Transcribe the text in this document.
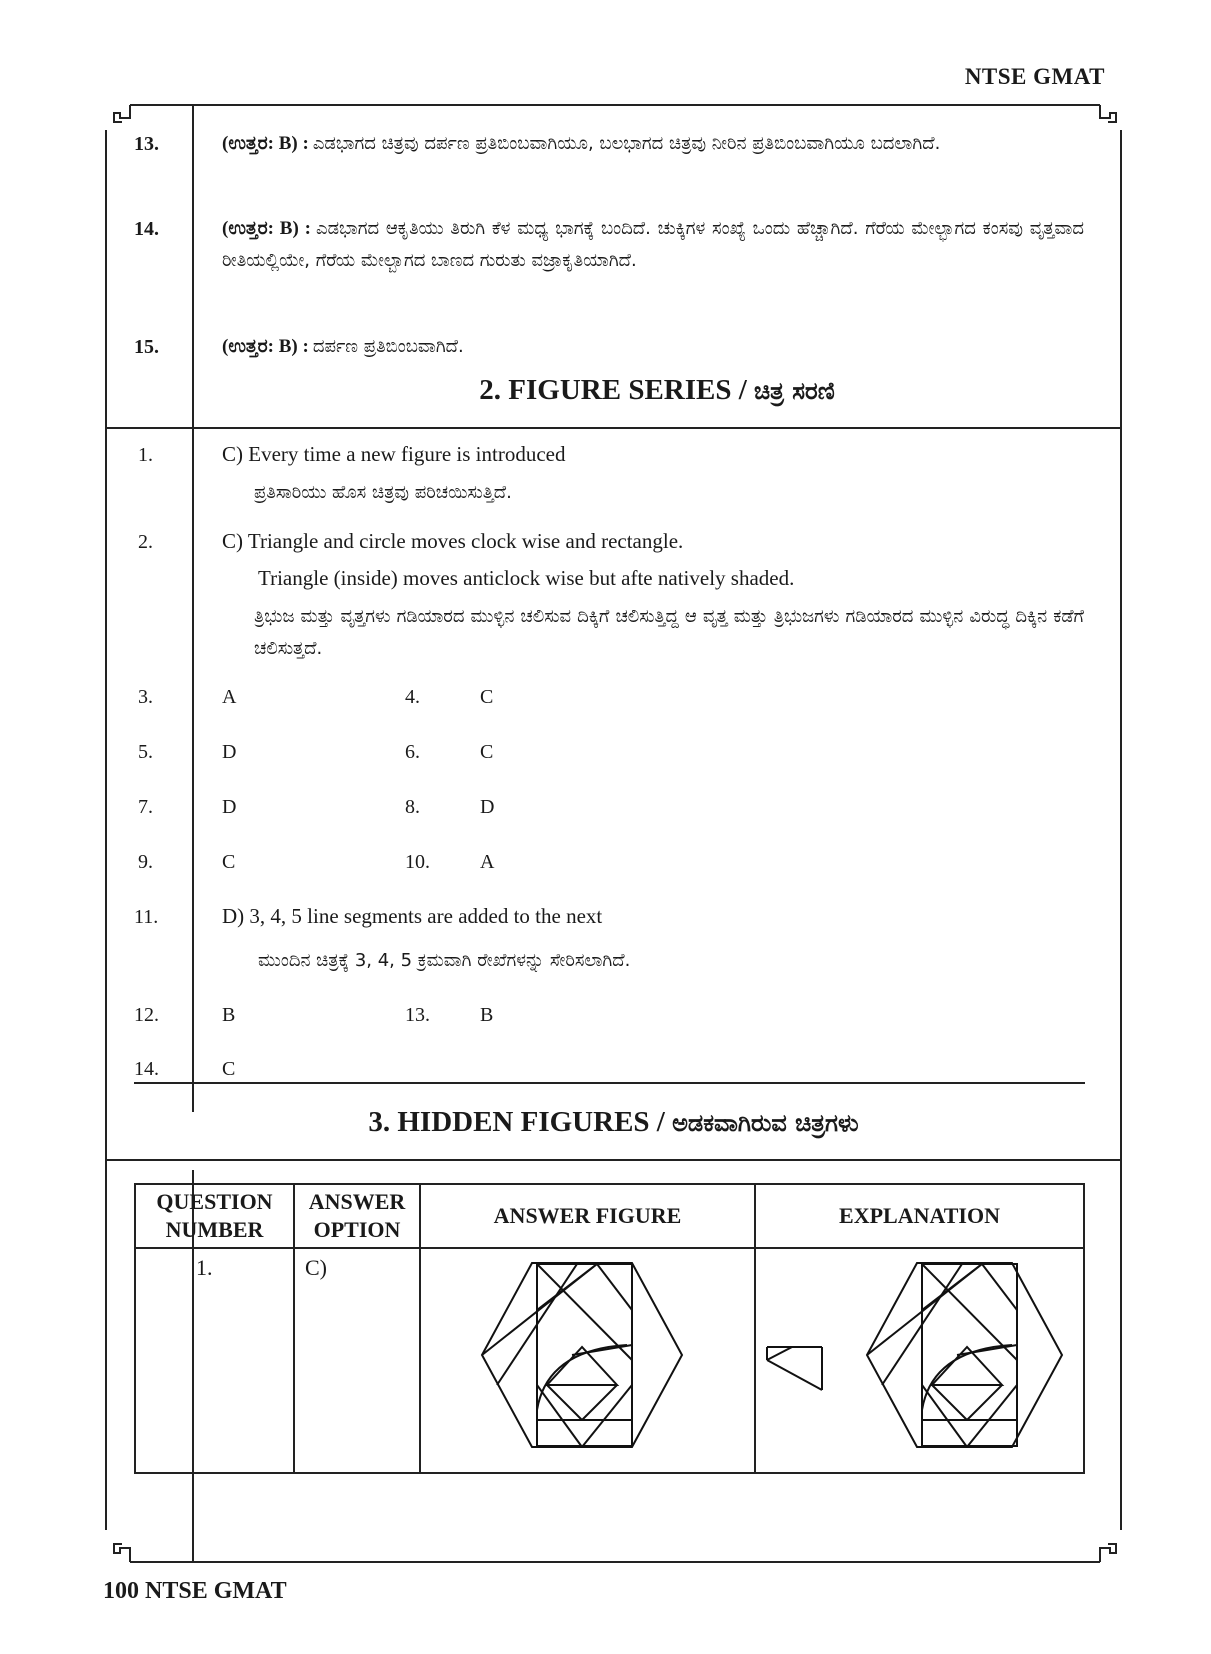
NTSE GMAT
13.	(ಉತ್ತರ: B) : ಎಡಭಾಗದ ಚಿತ್ರವು ದರ್ಪಣ ಪ್ರತಿಬಿಂಬವಾಗಿಯೂ, ಬಲಭಾಗದ ಚಿತ್ರವು ನೀರಿನ ಪ್ರತಿಬಿಂಬವಾಗಿಯೂ ಬದಲಾಗಿದೆ.
14.	(ಉತ್ತರ: B) : ಎಡಭಾಗದ ಆಕೃತಿಯು ತಿರುಗಿ ಕೆಳ ಮಧ್ಯ ಭಾಗಕ್ಕೆ ಬಂದಿದೆ. ಚುಕ್ಕಿಗಳ ಸಂಖ್ಯೆ ಒಂದು ಹೆಚ್ಚಾಗಿದೆ. ಗೆರೆಯ ಮೇಲ್ಭಾಗದ ಕಂಸವು ವೃತ್ತವಾದ ರೀತಿಯಲ್ಲಿಯೇ, ಗೆರೆಯ ಮೇಲ್ಬಾಗದ ಬಾಣದ ಗುರುತು ವಜ್ರಾಕೃತಿಯಾಗಿದೆ.
15.	(ಉತ್ತರ: B) : ದರ್ಪಣ ಪ್ರತಿಬಿಂಬವಾಗಿದೆ.
2. FIGURE SERIES / ಚಿತ್ರ ಸರಣಿ
1.	C) Every time a new figure is introduced
ಪ್ರತಿಸಾರಿಯು ಹೊಸ ಚಿತ್ರವು ಪರಿಚಯಿಸುತ್ತಿದೆ.
2.	C) Triangle and circle moves clock wise and rectangle.
Triangle (inside) moves anticlock wise but afte natively shaded.
ತ್ರಿಭುಜ ಮತ್ತು ವೃತ್ತಗಳು ಗಡಿಯಾರದ ಮುಳ್ಳಿನ ಚಲಿಸುವ ದಿಕ್ಕಿಗೆ ಚಲಿಸುತ್ತಿದ್ದ ಆ ವೃತ್ತ ಮತ್ತು ತ್ರಿಭುಜಗಳು ಗಡಿಯಾರದ ಮುಳ್ಳಿನ ವಿರುದ್ಧ ದಿಕ್ಕಿನ ಕಡೆಗೆ ಚಲಿಸುತ್ತದೆ.
3.	A	4.	C
5.	D	6.	C
7.	D	8.	D
9.	C	10.	A
11.	D) 3, 4, 5 line segments are added to the next
ಮುಂದಿನ ಚಿತ್ರಕ್ಕೆ 3, 4, 5 ಕ್ರಮವಾಗಿ ರೇಖೆಗಳನ್ನು ಸೇರಿಸಲಾಗಿದೆ.
12.	B	13.	B
14.	C
3. HIDDEN FIGURES / ಅಡಕವಾಗಿರುವ ಚಿತ್ರಗಳು
QUESTION NUMBER	ANSWER OPTION	ANSWER FIGURE	EXPLANATION
1.	C)		
100 NTSE GMAT
